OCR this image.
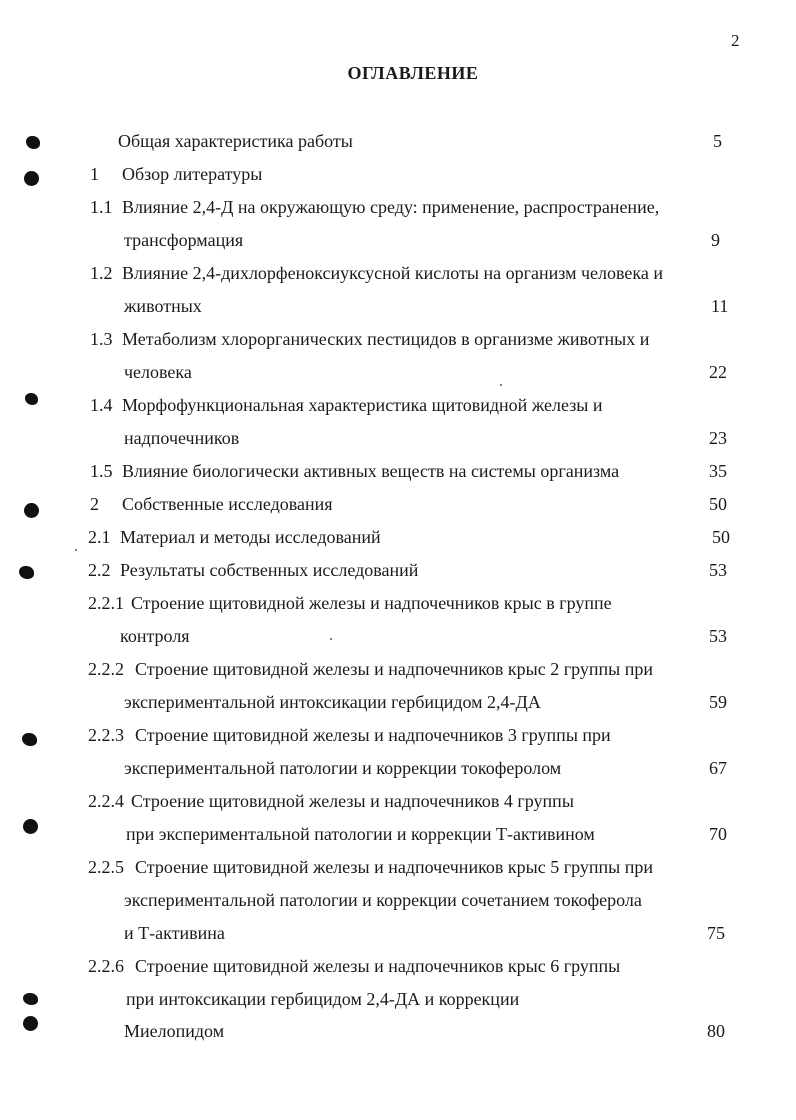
2
ОГЛАВЛЕНИЕ
Общая характеристика работы	5
1 Обзор литературы
1.1 Влияние 2,4-Д на окружающую среду: применение, распространение,
трансформация	9
1.2 Влияние 2,4-дихлорфеноксиуксусной кислоты на организм человека и
животных	11
1.3 Метаболизм хлорорганических пестицидов в организме животных и
человека	22
1.4 Морфофункциональная характеристика щитовидной железы и
надпочечников	23
1.5 Влияние биологически активных веществ на системы организма	35
2 Собственные исследования	50
2.1 Материал и методы исследований	50
2.2 Результаты собственных исследований	53
2.2.1 Строение щитовидной железы и надпочечников крыс в группе
контроля	53
2.2.2 Строение щитовидной железы и надпочечников крыс 2 группы при
экспериментальной интоксикации гербицидом 2,4-ДА	59
2.2.3 Строение щитовидной железы и надпочечников 3 группы при
экспериментальной патологии и коррекции токоферолом	67
2.2.4 Строение щитовидной железы и надпочечников 4 группы
при экспериментальной патологии и коррекции Т-активином	70
2.2.5 Строение щитовидной железы и надпочечников крыс 5 группы при
экспериментальной патологии и коррекции сочетанием токоферола
и Т-активина	75
2.2.6 Строение щитовидной железы и надпочечников крыс 6 группы
при интоксикации гербицидом 2,4-ДА и коррекции
Миелопидом	80
